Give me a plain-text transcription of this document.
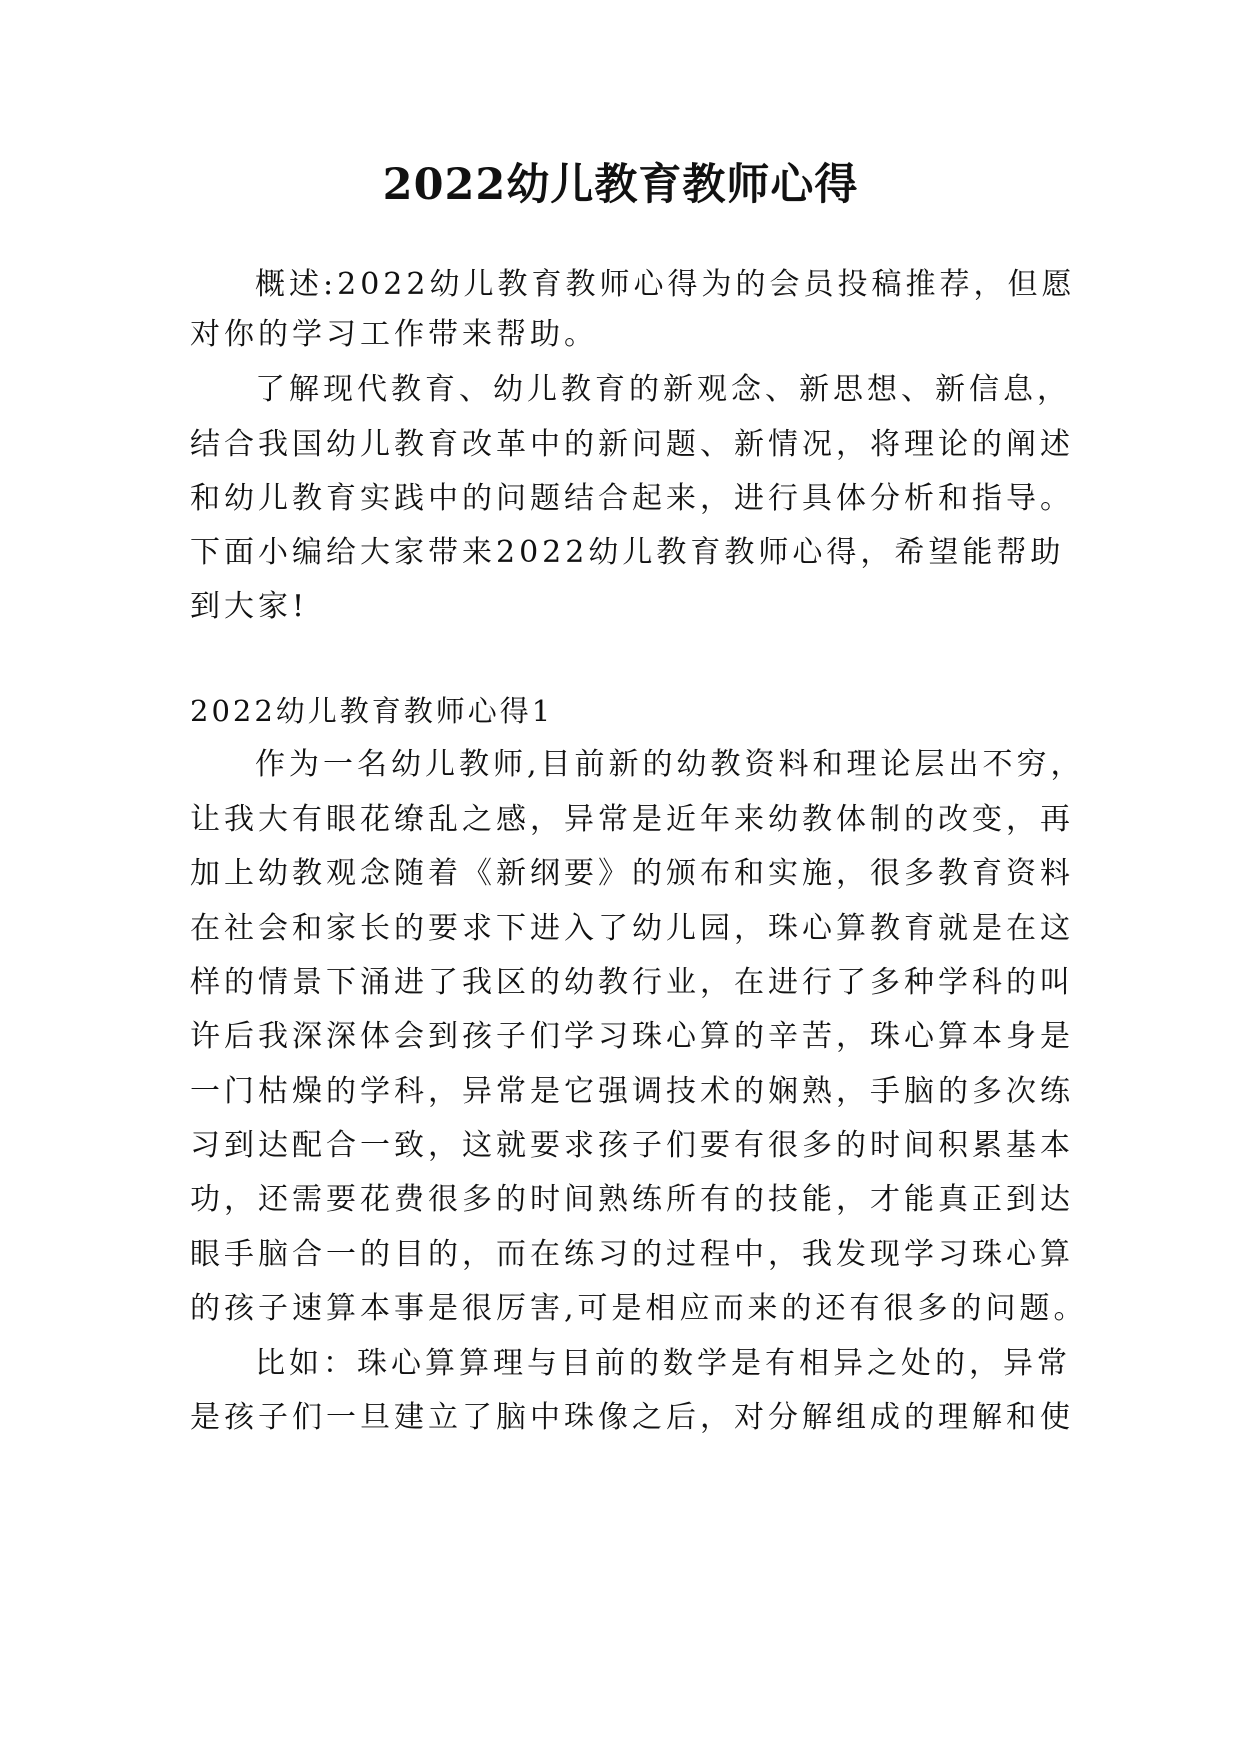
2022幼儿教育教师心得
概述:2022幼儿教育教师心得为的会员投稿推荐，但愿
对你的学习工作带来帮助。
了解现代教育、幼儿教育的新观念、新思想、新信息，
结合我国幼儿教育改革中的新问题、新情况，将理论的阐述
和幼儿教育实践中的问题结合起来，进行具体分析和指导。
下面小编给大家带来2022幼儿教育教师心得，希望能帮助
到大家!
2022幼儿教育教师心得1
作为一名幼儿教师,目前新的幼教资料和理论层出不穷，
让我大有眼花缭乱之感，异常是近年来幼教体制的改变，再
加上幼教观念随着《新纲要》的颁布和实施，很多教育资料
在社会和家长的要求下进入了幼儿园，珠心算教育就是在这
样的情景下涌进了我区的幼教行业，在进行了多种学科的叫
许后我深深体会到孩子们学习珠心算的辛苦，珠心算本身是
一门枯燥的学科，异常是它强调技术的娴熟，手脑的多次练
习到达配合一致，这就要求孩子们要有很多的时间积累基本
功，还需要花费很多的时间熟练所有的技能，才能真正到达
眼手脑合一的目的，而在练习的过程中，我发现学习珠心算
的孩子速算本事是很厉害,可是相应而来的还有很多的问题。
比如：珠心算算理与目前的数学是有相异之处的，异常
是孩子们一旦建立了脑中珠像之后，对分解组成的理解和使
